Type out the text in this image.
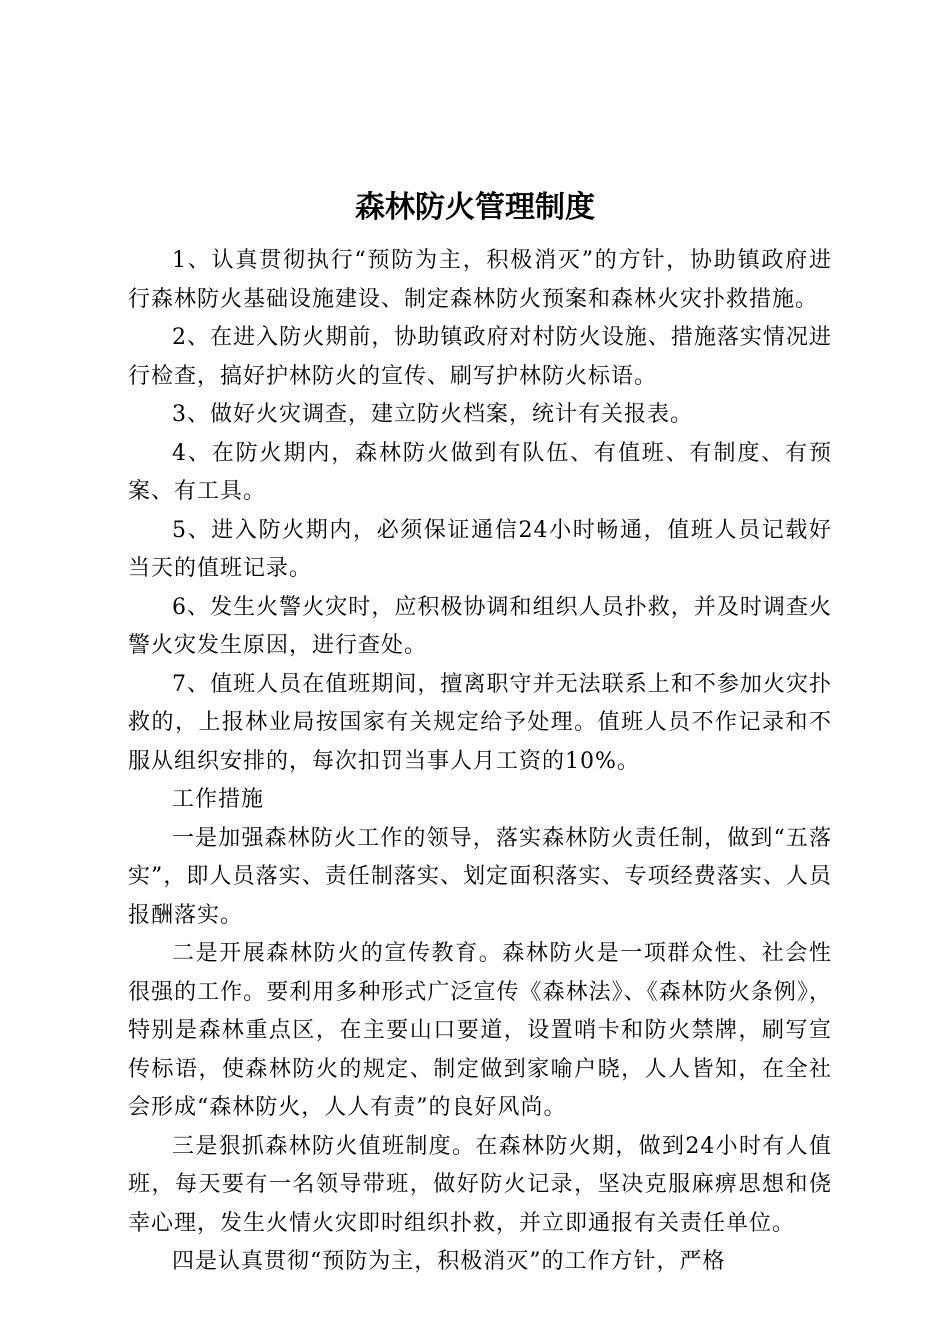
森林防火管理制度

1、认真贯彻执行“预防为主，积极消灭”的方针，协助镇政府进行森林防火基础设施建设、制定森林防火预案和森林火灾扑救措施。

2、在进入防火期前，协助镇政府对村防火设施、措施落实情况进行检查，搞好护林防火的宣传、刷写护林防火标语。

3、做好火灾调查，建立防火档案，统计有关报表。

4、在防火期内，森林防火做到有队伍、有值班、有制度、有预案、有工具。

5、进入防火期内，必须保证通信24小时畅通，值班人员记载好当天的值班记录。

6、发生火警火灾时，应积极协调和组织人员扑救，并及时调查火警火灾发生原因，进行查处。

7、值班人员在值班期间，擅离职守并无法联系上和不参加火灾扑救的，上报林业局按国家有关规定给予处理。值班人员不作记录和不服从组织安排的，每次扣罚当事人月工资的10%。

工作措施

一是加强森林防火工作的领导，落实森林防火责任制，做到“五落实”，即人员落实、责任制落实、划定面积落实、专项经费落实、人员报酬落实。

二是开展森林防火的宣传教育。森林防火是一项群众性、社会性很强的工作。要利用多种形式广泛宣传《森林法》、《森林防火条例》，特别是森林重点区，在主要山口要道，设置哨卡和防火禁牌，刷写宣传标语，使森林防火的规定、制定做到家喻户晓，人人皆知，在全社会形成“森林防火，人人有责”的良好风尚。

三是狠抓森林防火值班制度。在森林防火期，做到24小时有人值班，每天要有一名领导带班，做好防火记录，坚决克服麻痹思想和侥幸心理，发生火情火灾即时组织扑救，并立即通报有关责任单位。

四是认真贯彻“预防为主，积极消灭”的工作方针，严格
